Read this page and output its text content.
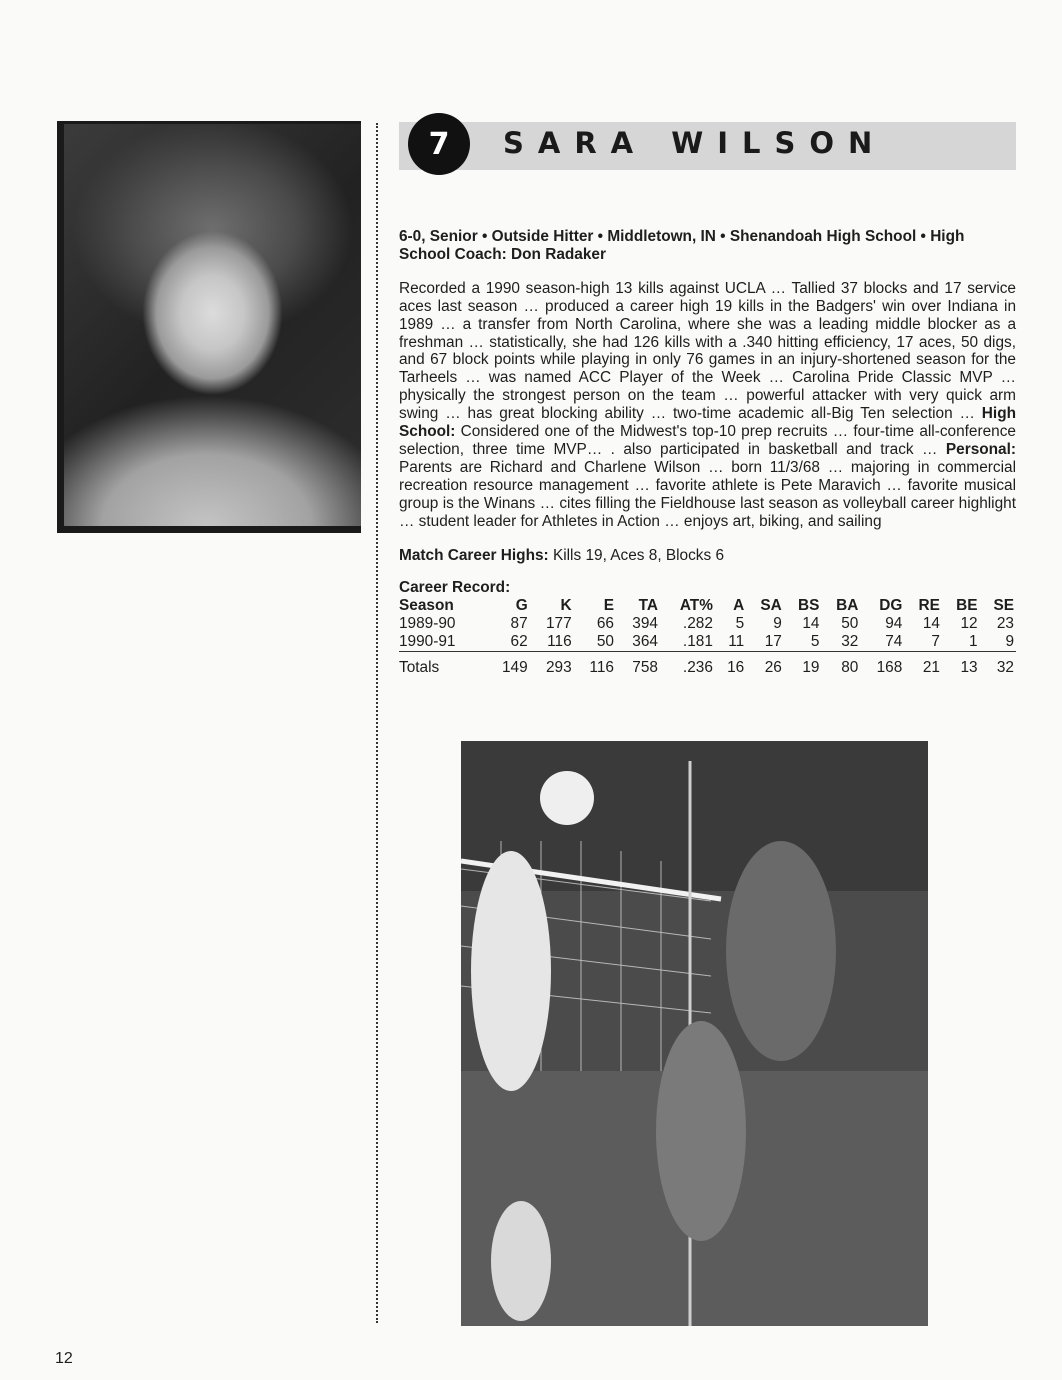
7	SARA WILSON

6-0, Senior • Outside Hitter • Middletown, IN • Shenandoah High School • High School Coach: Don Radaker

Recorded a 1990 season-high 13 kills against UCLA … Tallied 37 blocks and 17 service aces last season … produced a career high 19 kills in the Badgers' win over Indiana in 1989 … a transfer from North Carolina, where she was a leading middle blocker as a freshman … statistically, she had 126 kills with a .340 hitting efficiency, 17 aces, 50 digs, and 67 block points while playing in only 76 games in an injury-shortened season for the Tarheels … was named ACC Player of the Week … Carolina Pride Classic MVP … physically the strongest person on the team … powerful attacker with very quick arm swing … has great blocking ability … two-time academic all-Big Ten selection … High School: Considered one of the Midwest's top-10 prep recruits … four-time all-conference selection, three time MVP… . also participated in basketball and track … Personal: Parents are Richard and Charlene Wilson … born 11/3/68 … majoring in commercial recreation resource management … favorite athlete is Pete Maravich … favorite musical group is the Winans … cites filling the Fieldhouse last season as volleyball career highlight … student leader for Athletes in Action … enjoys art, biking, and sailing

Match Career Highs: Kills 19, Aces 8, Blocks 6

Career Record:

Season	G	K	E	TA	AT%	A	SA	BS	BA	DG	RE	BE	SE
1989-90	87	177	66	394	.282	5	9	14	50	94	14	12	23
1990-91	62	116	50	364	.181	11	17	5	32	74	7	1	9
Totals	149	293	116	758	.236	16	26	19	80	168	21	13	32
12
